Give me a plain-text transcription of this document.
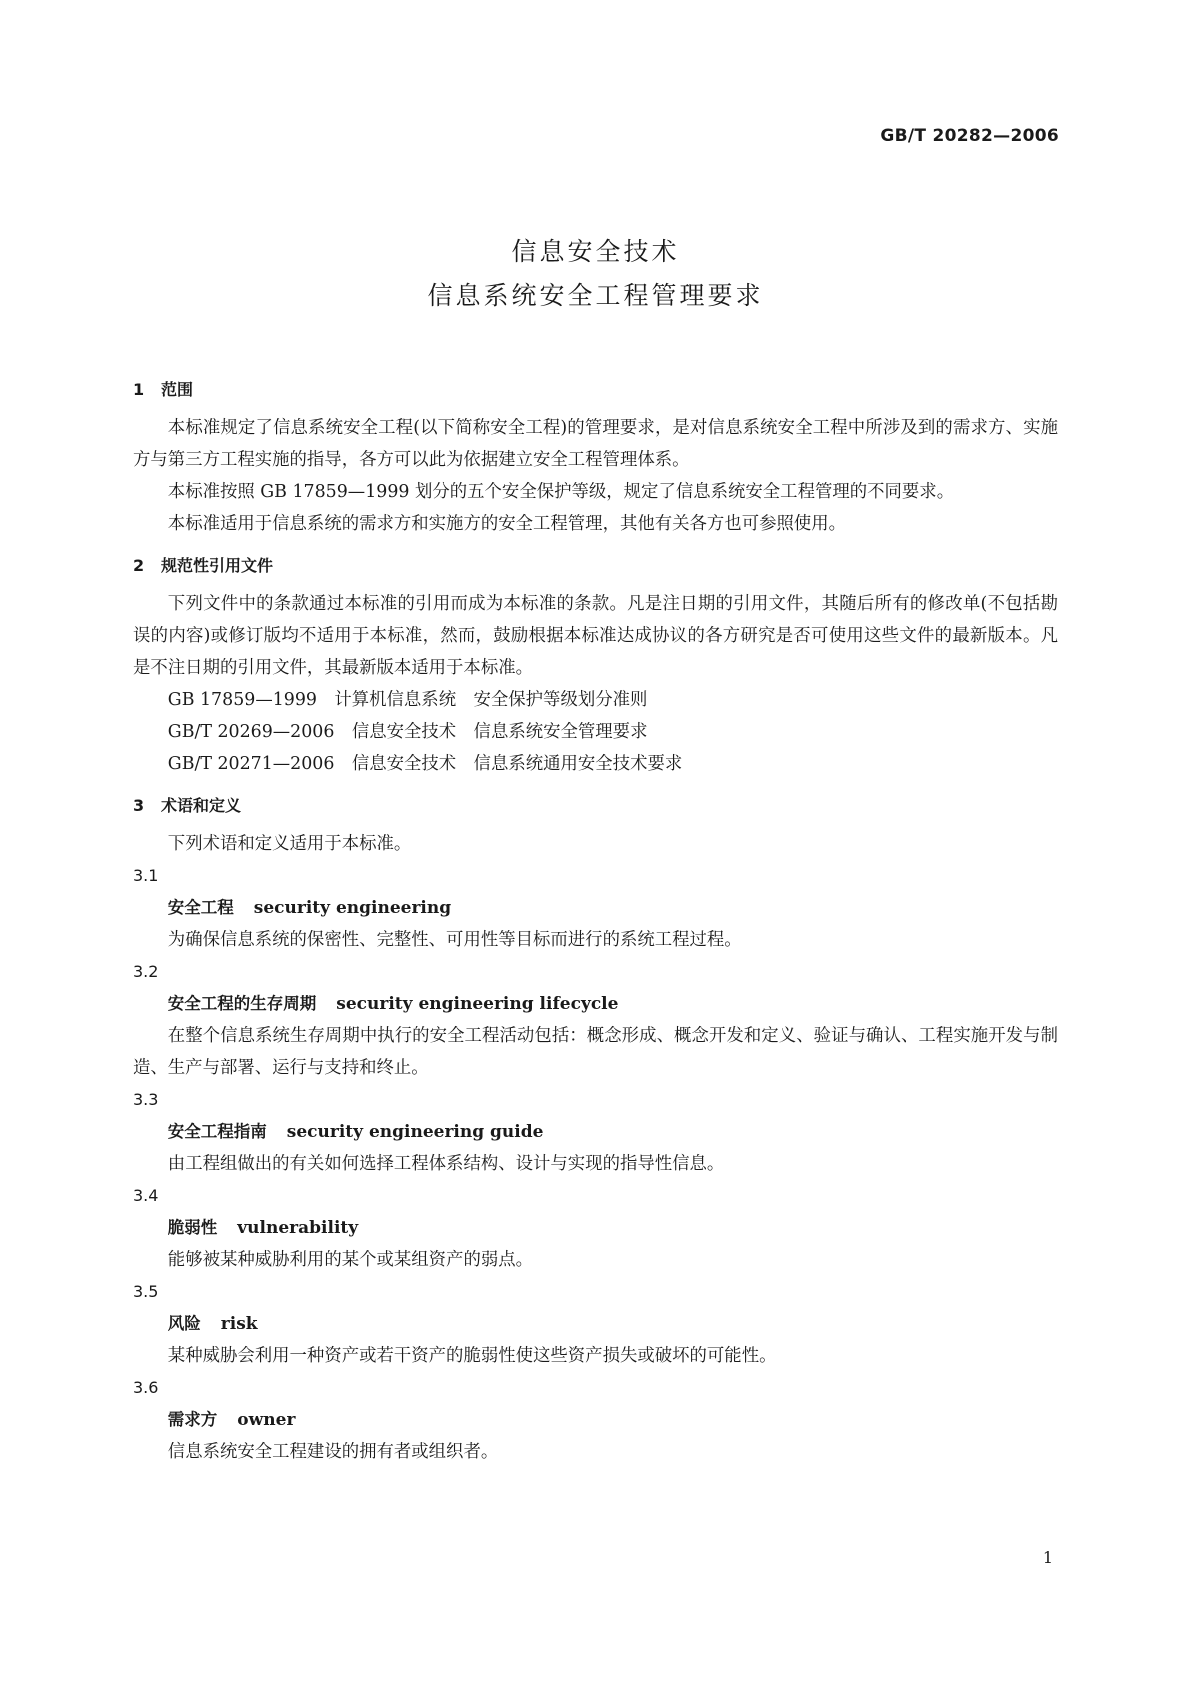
GB/T 20282—2006
信息安全技术
信息系统安全工程管理要求
1 范围

本标准规定了信息系统安全工程(以下简称安全工程)的管理要求，是对信息系统安全工程中所涉及到的需求方、实施方与第三方工程实施的指导，各方可以此为依据建立安全工程管理体系。

本标准按照 GB 17859—1999 划分的五个安全保护等级，规定了信息系统安全工程管理的不同要求。

本标准适用于信息系统的需求方和实施方的安全工程管理，其他有关各方也可参照使用。

2 规范性引用文件

下列文件中的条款通过本标准的引用而成为本标准的条款。凡是注日期的引用文件，其随后所有的修改单(不包括勘误的内容)或修订版均不适用于本标准，然而，鼓励根据本标准达成协议的各方研究是否可使用这些文件的最新版本。凡是不注日期的引用文件，其最新版本适用于本标准。

GB 17859—1999　计算机信息系统　安全保护等级划分准则
GB/T 20269—2006　信息安全技术　信息系统安全管理要求
GB/T 20271—2006　信息安全技术　信息系统通用安全技术要求
3 术语和定义

下列术语和定义适用于本标准。

3.1
安全工程 security engineering

为确保信息系统的保密性、完整性、可用性等目标而进行的系统工程过程。

3.2
安全工程的生存周期 security engineering lifecycle

在整个信息系统生存周期中执行的安全工程活动包括：概念形成、概念开发和定义、验证与确认、工程实施开发与制造、生产与部署、运行与支持和终止。

3.3
安全工程指南 security engineering guide

由工程组做出的有关如何选择工程体系结构、设计与实现的指导性信息。

3.4
脆弱性 vulnerability

能够被某种威胁利用的某个或某组资产的弱点。

3.5
风险 risk

某种威胁会利用一种资产或若干资产的脆弱性使这些资产损失或破坏的可能性。

3.6
需求方 owner

信息系统安全工程建设的拥有者或组织者。

1
